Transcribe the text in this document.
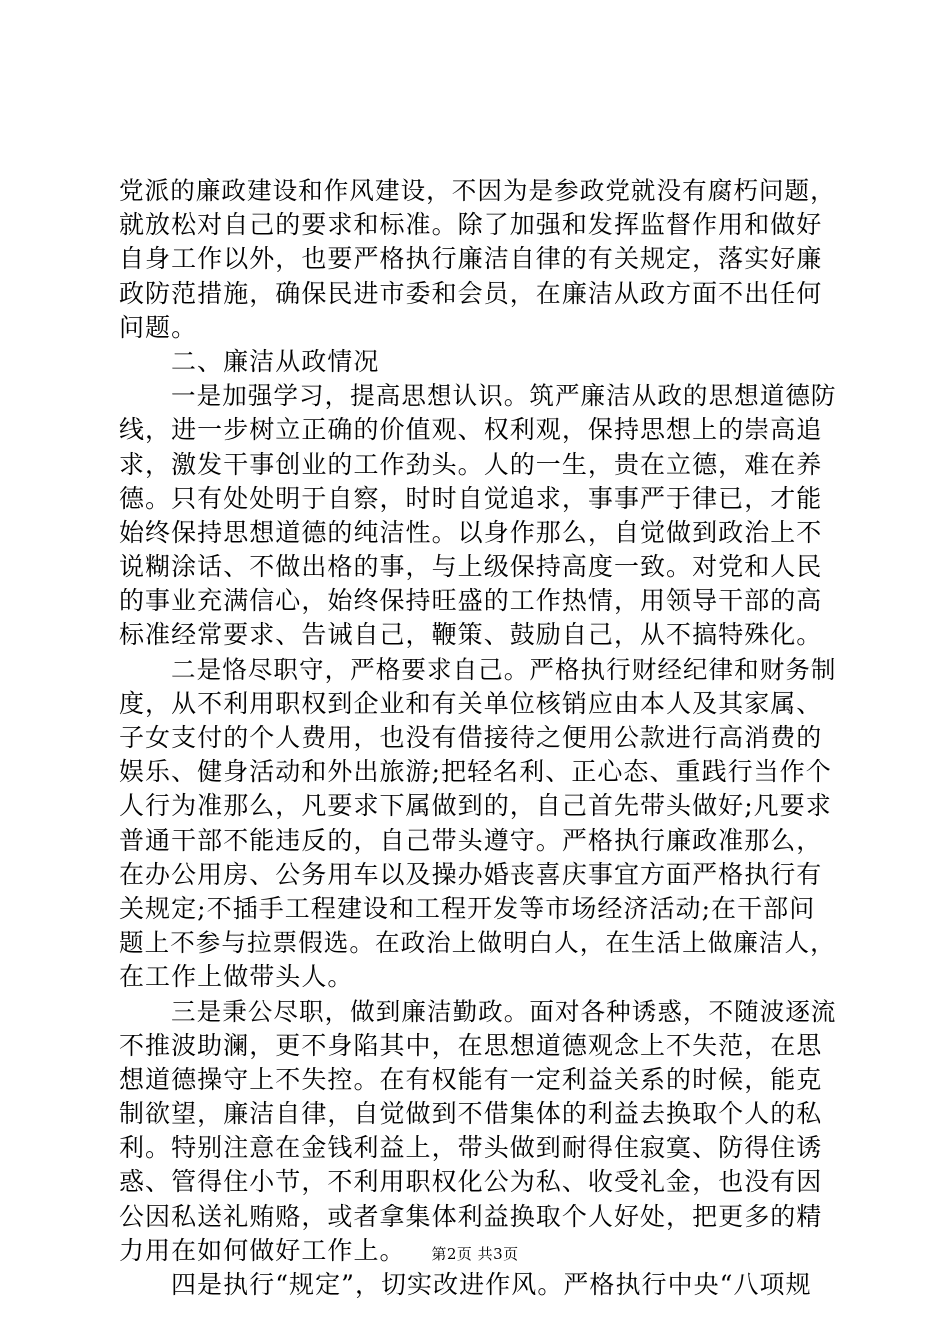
党派的廉政建设和作风建设，不因为是参政党就没有腐朽问题，
就放松对自己的要求和标准。除了加强和发挥监督作用和做好
自身工作以外，也要严格执行廉洁自律的有关规定，落实好廉
政防范措施，确保民进市委和会员，在廉洁从政方面不出任何
问题。
二、廉洁从政情况
一是加强学习，提高思想认识。筑严廉洁从政的思想道德防
线，进一步树立正确的价值观、权利观，保持思想上的崇高追
求，激发干事创业的工作劲头。人的一生，贵在立德，难在养
德。只有处处明于自察，时时自觉追求，事事严于律已，才能
始终保持思想道德的纯洁性。以身作那么，自觉做到政治上不
说糊涂话、不做出格的事，与上级保持高度一致。对党和人民
的事业充满信心，始终保持旺盛的工作热情，用领导干部的高
标准经常要求、告诫自己，鞭策、鼓励自己，从不搞特殊化。
二是恪尽职守，严格要求自己。严格执行财经纪律和财务制
度，从不利用职权到企业和有关单位核销应由本人及其家属、
子女支付的个人费用，也没有借接待之便用公款进行高消费的
娱乐、健身活动和外出旅游;把轻名利、正心态、重践行当作个
人行为准那么，凡要求下属做到的，自己首先带头做好;凡要求
普通干部不能违反的，自己带头遵守。严格执行廉政准那么，
在办公用房、公务用车以及操办婚丧喜庆事宜方面严格执行有
关规定;不插手工程建设和工程开发等市场经济活动;在干部问
题上不参与拉票假选。在政治上做明白人，在生活上做廉洁人，
在工作上做带头人。
三是秉公尽职，做到廉洁勤政。面对各种诱惑，不随波逐流
不推波助澜，更不身陷其中，在思想道德观念上不失范，在思
想道德操守上不失控。在有权能有一定利益关系的时候，能克
制欲望，廉洁自律，自觉做到不借集体的利益去换取个人的私
利。特别注意在金钱利益上，带头做到耐得住寂寞、防得住诱
惑、管得住小节，不利用职权化公为私、收受礼金，也没有因
公因私送礼贿赂，或者拿集体利益换取个人好处，把更多的精
力用在如何做好工作上。
四是执行“规定”，切实改进作风。严格执行中央“八项规
第2页 共3页
